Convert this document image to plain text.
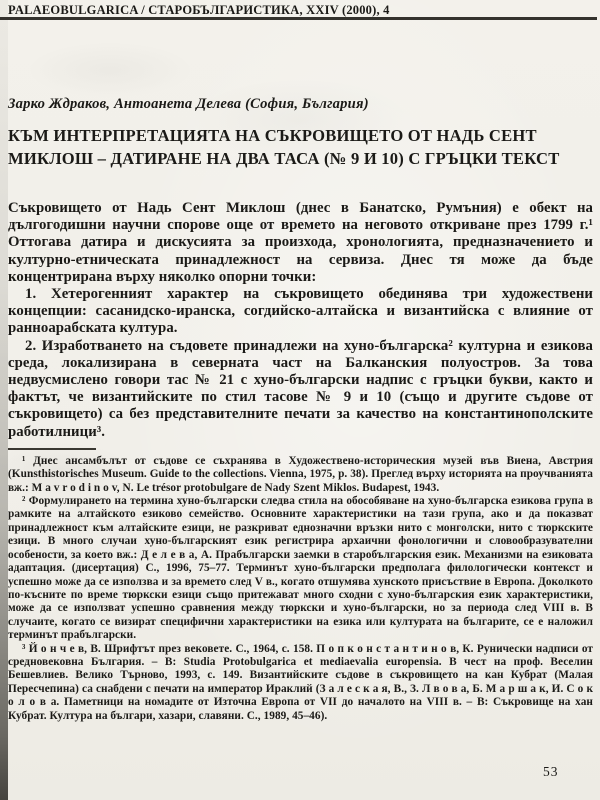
PALAEOBULGARICA / СТАРОБЪЛГАРИСТИКА, XXIV (2000), 4
Зарко Ждраков, Антоанета Делева (София, България)
КЪМ ИНТЕРПРЕТАЦИЯТА НА СЪКРОВИЩЕТО ОТ НАДЬ СЕНТ МИКЛОШ – ДАТИРАНЕ НА ДВА ТАСА (№ 9 И 10) С ГРЪЦКИ ТЕКСТ

Съкровището от Надь Сент Миклош (днес в Банатско, Румъния) е обект на дългогодишни научни спорове още от времето на неговото откриване през 1799 г.¹ Оттогава датира и дискусията за произхода, хронологията, предназначението и културно-етническата принадлежност на сервиза. Днес тя може да бъде концентрирана върху няколко опорни точки:

1. Хетерогенният характер на съкровището обединява три художествени концепции: сасанидско-иранска, согдийско-алтайска и византийска с влияние от ранноарабската култура.

2. Изработването на съдовете принадлежи на хуно-българска² културна и езикова среда, локализирана в северната част на Балканския полуостров. За това недвусмислено говори тас № 21 с хуно-български надпис с гръцки букви, както и фактът, че византийските по стил тасове № 9 и 10 (също и другите съдове от съкровището) са без представителните печати за качество на константинополските работилници³.

¹ Днес ансамбълът от съдове се съхранява в Художествено-историческия музей във Виена, Австрия (Kunsthistorisches Museum. Guide to the collections. Vienna, 1975, p. 38). Преглед върху историята на проучванията вж.: M a v r o d i n o v, N. Le trésor protobulgare de Nady Szent Miklos. Budapest, 1943.

² Формулирането на термина хуно-български следва стила на обособяване на хуно-българска езикова група в рамките на алтайското езиково семейство. Основните характеристики на тази група, ако и да показват принадлежност към алтайските езици, не разкриват еднозначни връзки нито с монголски, нито с тюркските езици. В много случаи хуно-българският език регистрира архаични фонологични и словообразувателни особености, за което вж.: Д е л е в а, А. Прабългарски заемки в старобългарския език. Механизми на езиковата адаптация. (дисертация) С., 1996, 75–77. Терминът хуно-български предполага филологически контекст и успешно може да се използва и за времето след V в., когато отшумява хунското присъствие в Европа. Доколкото по-късните по време тюркски езици също притежават много сходни с хуно-българския език характеристики, може да се използват успешно сравнения между тюркски и хуно-български, но за периода след VIII в. В случаите, когато се визират специфични характеристики на езика или културата на българите, се е наложил терминът прабългарски.

³ Й о н ч е в, В. Шрифтът през вековете. С., 1964, с. 158. П о п к о н с т а н т и н о в, К. Рунически надписи от средновековна България. – В: Studia Protobulgarica et mediaevalia europensia. В чест на проф. Веселин Бешевлиев. Велико Търново, 1993, с. 149. Византийските съдове в съкровището на кан Кубрат (Малая Пересчепина) са снабдени с печати на император Ираклий (З а л е с к а я, В., З. Л в о в а, Б. М а р ш а к, И. С о к о л о в а. Паметници на номадите от Източна Европа от VII до началото на VIII в. – В: Съкровище на хан Кубрат. Култура на българи, хазари, славяни. С., 1989, 45–46).

53
